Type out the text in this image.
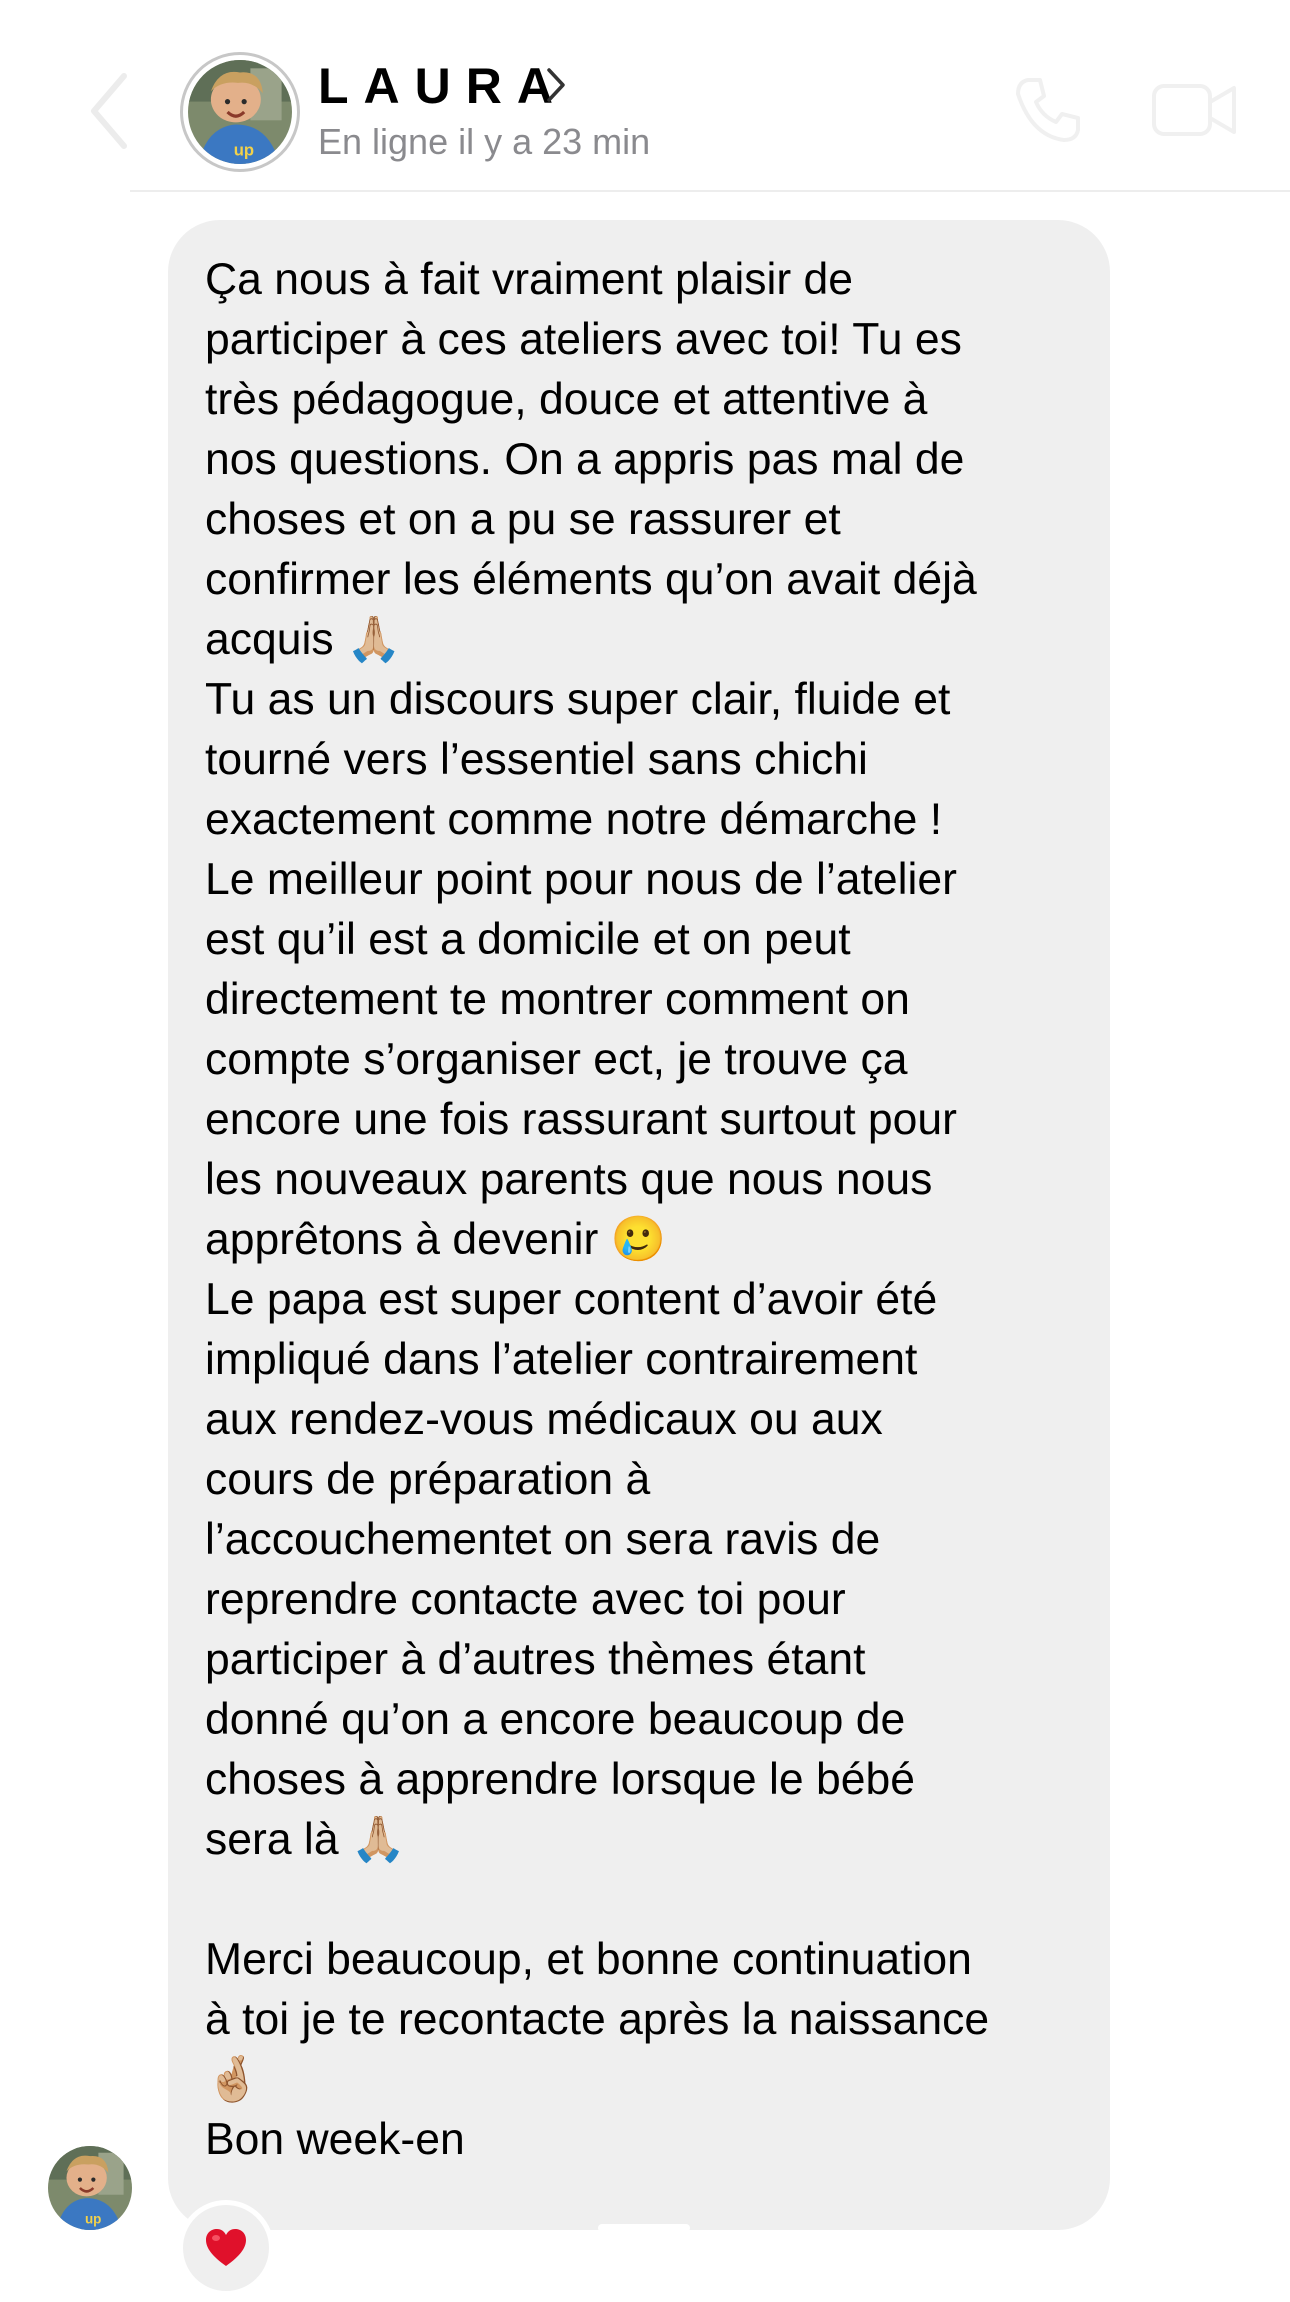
up
LAURA
En ligne il y a 23 min

Ça nous à fait vraiment plaisir de
participer à ces ateliers avec toi! Tu es
très pédagogue, douce et attentive à
nos questions. On a appris pas mal de
choses et on a pu se rassurer et
confirmer les éléments qu’on avait déjà
acquis 🙏🏼
Tu as un discours super clair, fluide et
tourné vers l’essentiel sans chichi
exactement comme notre démarche !
Le meilleur point pour nous de l’atelier
est qu’il est a domicile et on peut
directement te montrer comment on
compte s’organiser ect, je trouve ça
encore une fois rassurant surtout pour
les nouveaux parents que nous nous
apprêtons à devenir 🥲
Le papa est super content d’avoir été
impliqué dans l’atelier contrairement
aux rendez-vous médicaux ou aux
cours de préparation à
l’accouchementet on sera ravis de
reprendre contacte avec toi pour
participer à d’autres thèmes étant
donné qu’on a encore beaucoup de
choses à apprendre lorsque le bébé
sera là 🙏🏼

Merci beaucoup, et bonne continuation
à toi je te recontacte après la naissance
🤞🏼
Bon week-en

up
